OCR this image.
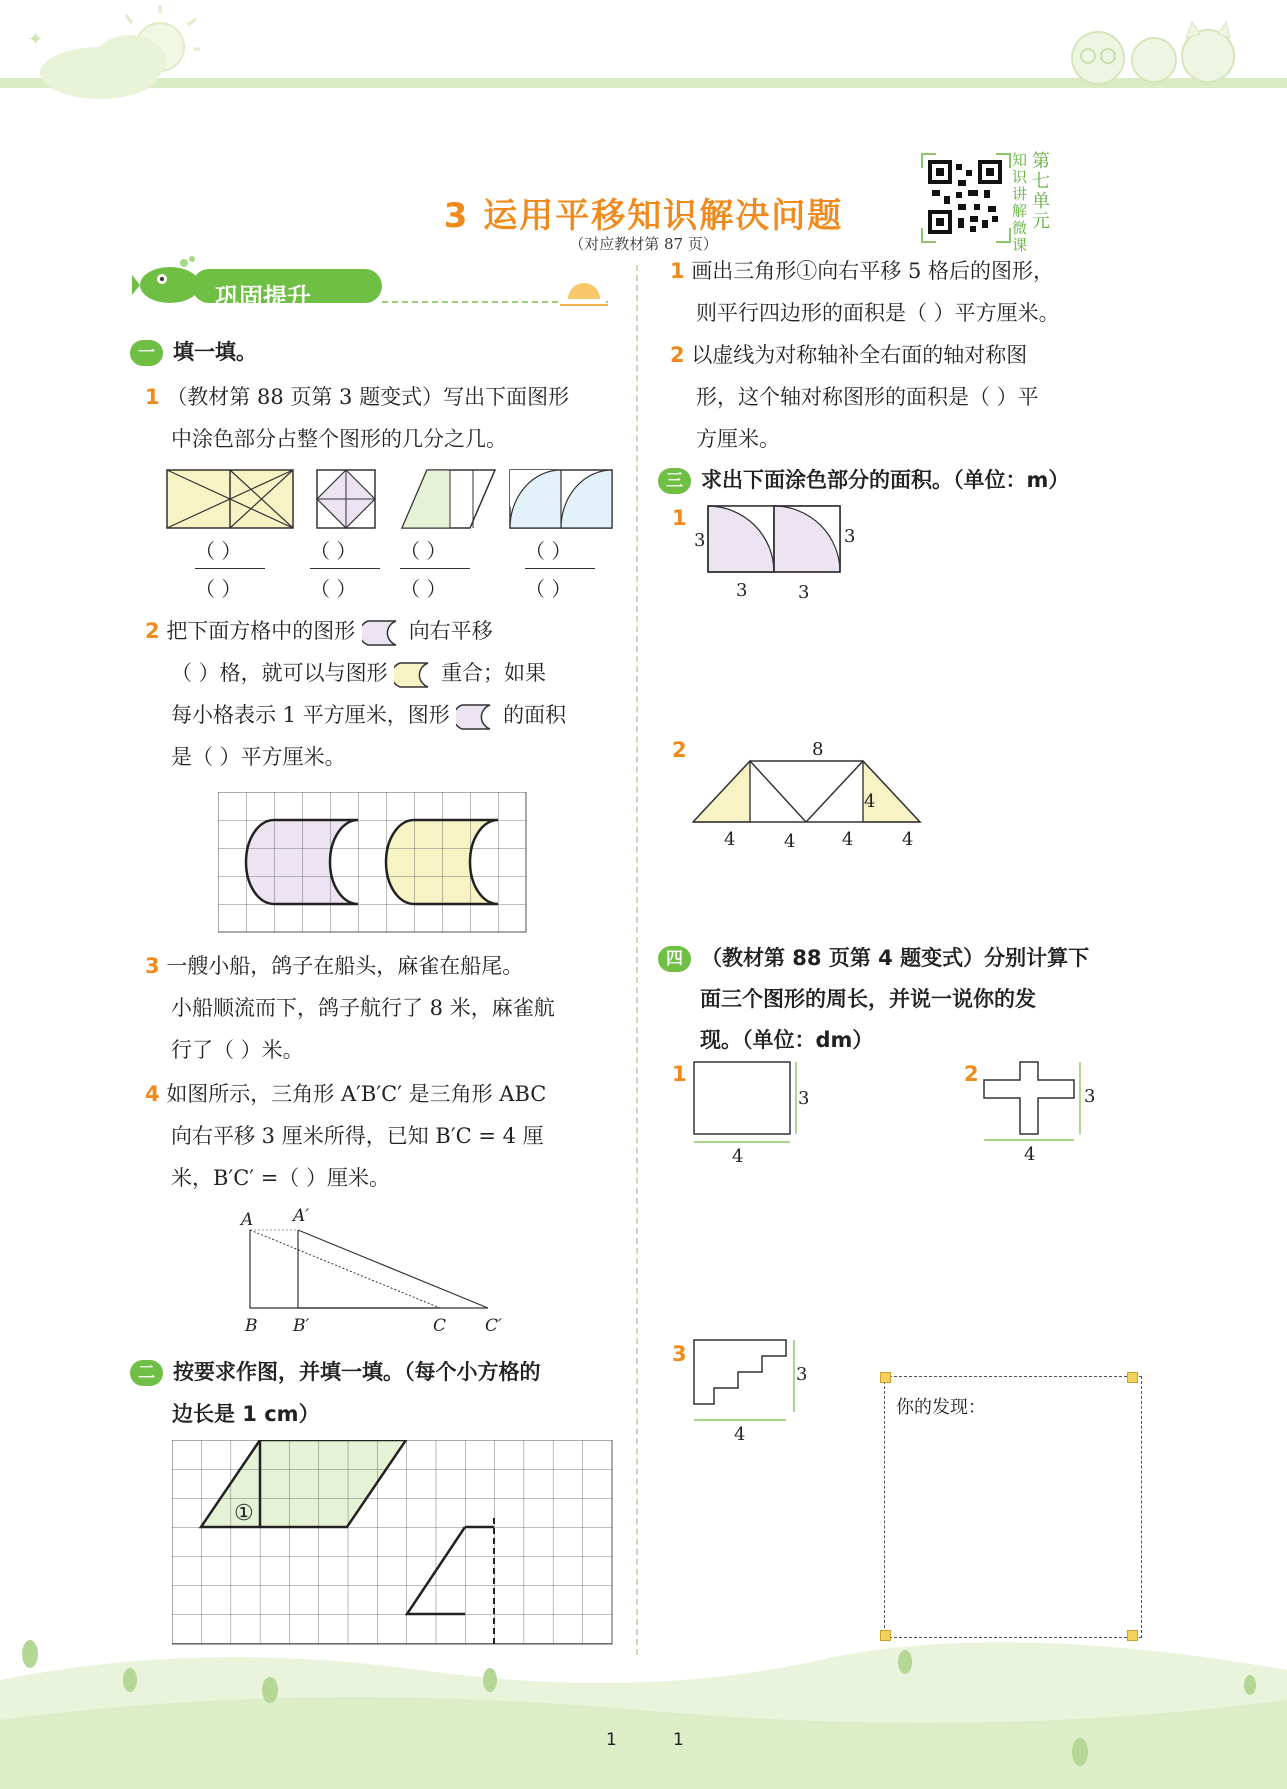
✦
3 运用平移知识解决问题
（对应教材第 87 页）
知识讲解微课
第七单元
巩固提升
一 填一填。
1 （教材第 88 页第 3 题变式）写出下面图形
中涂色部分占整个图形的几分之几。
（ ）
（ ）
（ ）
（ ）
（ ）
（ ）
（ ）
（ ）
2 把下面方格中的图形	向右平移
（ ）格，就可以与图形	重合；如果
每小格表示 1 平方厘米，图形	的面积
是（ ）平方厘米。
3 一艘小船，鸽子在船头，麻雀在船尾。
小船顺流而下，鸽子航行了 8 米，麻雀航
行了（ ）米。
4 如图所示，三角形 A′B′C′ 是三角形 ABC
向右平移 3 厘米所得，已知 B′C = 4 厘
米，B′C′ =（ ）厘米。
A A′
B B′	C C′
二 按要求作图，并填一填。（每个小方格的
边长是 1 cm）
①
1 画出三角形①向右平移 5 格后的图形，
则平行四边形的面积是（ ）平方厘米。
2 以虚线为对称轴补全右面的轴对称图
形，这个轴对称图形的面积是（ ）平
方厘米。
三 求出下面涂色部分的面积。（单位：m）
1
3	3
3	3
2	8
4
4	4	4	4
四 （教材第 88 页第 4 题变式）分别计算下
面三个图形的周长，并说一说你的发
现。（单位：dm）
1
3
4
2
3
4
3
3
4
你的发现：
1	1
